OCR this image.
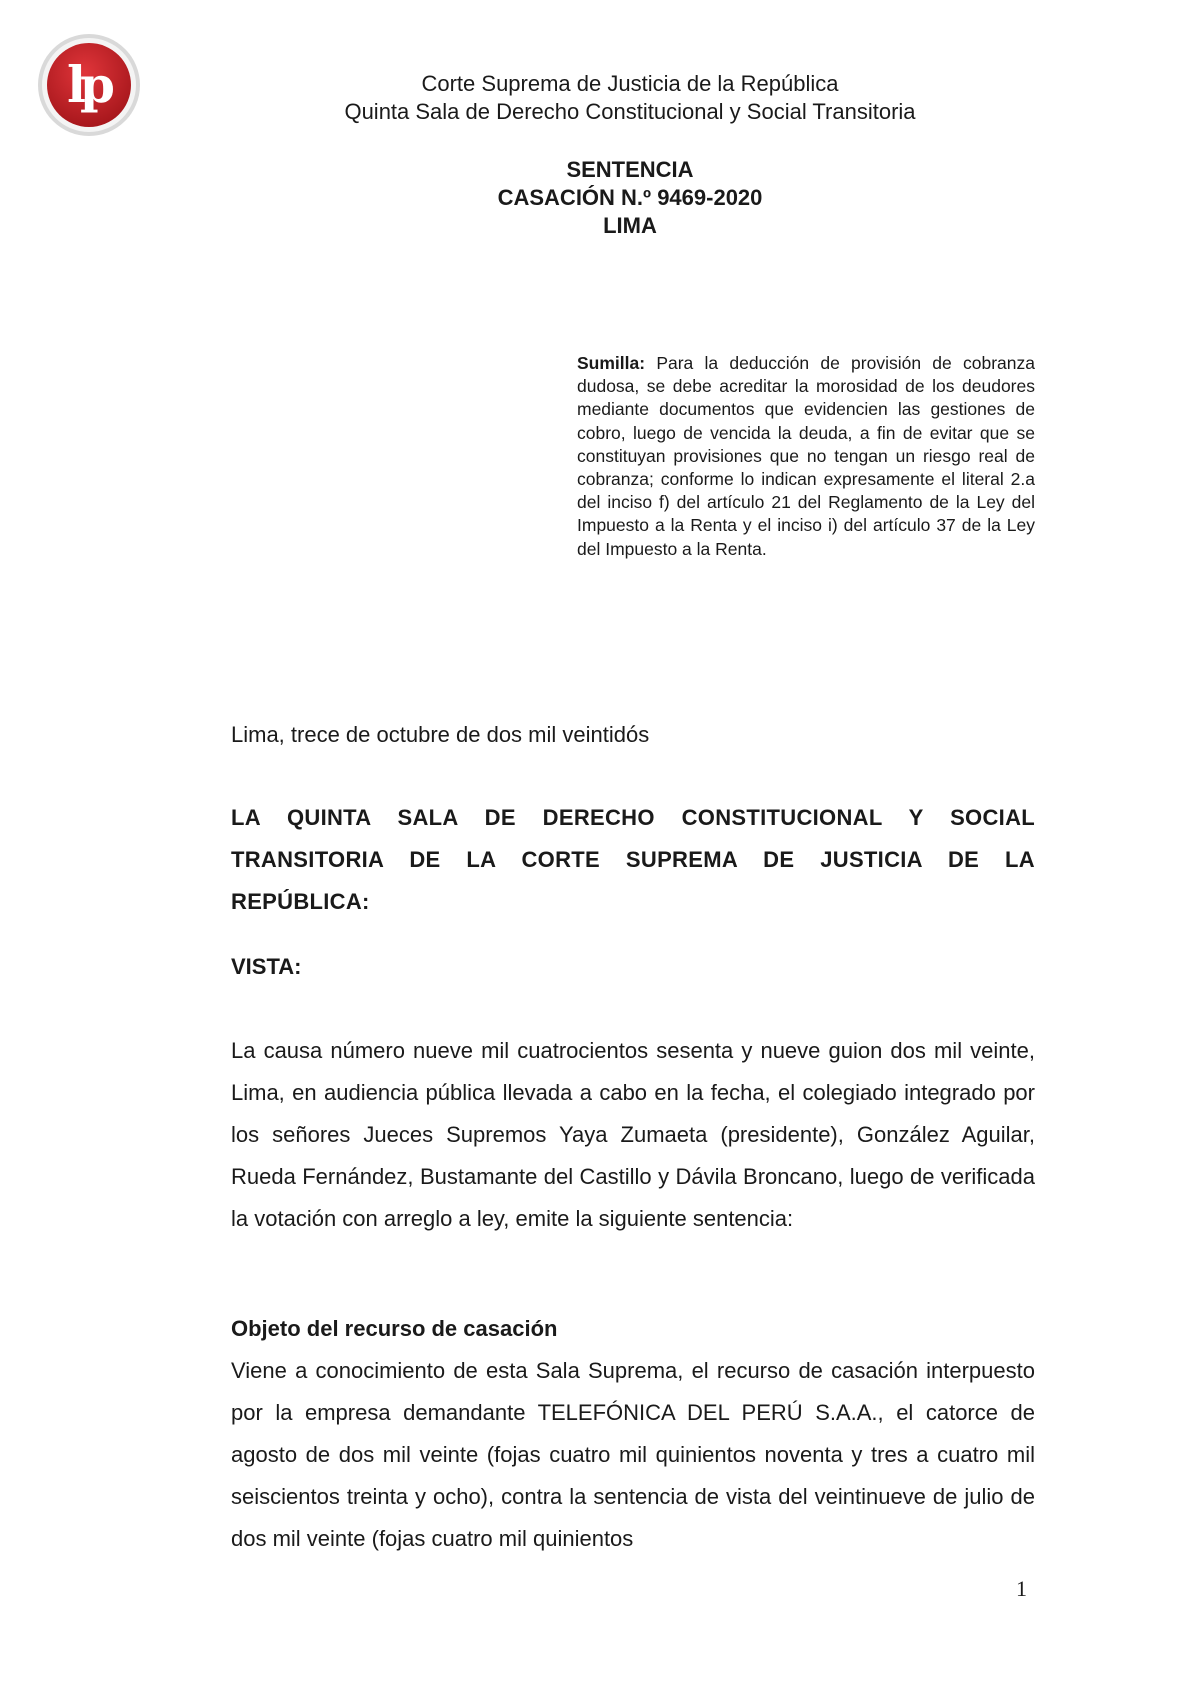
lp	Corte Suprema de Justicia de la República
Quinta Sala de Derecho Constitucional y Social Transitoria
SENTENCIA
CASACIÓN N.º 9469-2020
LIMA
Sumilla: Para la deducción de provisión de cobranza dudosa, se debe acreditar la morosidad de los deudores mediante documentos que evidencien las gestiones de cobro, luego de vencida la deuda, a fin de evitar que se constituyan provisiones que no tengan un riesgo real de cobranza; conforme lo indican expresamente el literal 2.a del inciso f) del artículo 21 del Reglamento de la Ley del Impuesto a la Renta y el inciso i) del artículo 37 de la Ley del Impuesto a la Renta.
Lima, trece de octubre de dos mil veintidós
LA QUINTA SALA DE DERECHO CONSTITUCIONAL Y SOCIAL
TRANSITORIA DE LA CORTE SUPREMA DE JUSTICIA DE LA
REPÚBLICA:
VISTA:
La causa número nueve mil cuatrocientos sesenta y nueve guion dos mil veinte, Lima, en audiencia pública llevada a cabo en la fecha, el colegiado integrado por los señores Jueces Supremos Yaya Zumaeta (presidente), González Aguilar, Rueda Fernández, Bustamante del Castillo y Dávila Broncano, luego de verificada la votación con arreglo a ley, emite la siguiente sentencia:
Objeto del recurso de casación
Viene a conocimiento de esta Sala Suprema, el recurso de casación interpuesto por la empresa demandante TELEFÓNICA DEL PERÚ S.A.A., el catorce de agosto de dos mil veinte (fojas cuatro mil quinientos noventa y tres a cuatro mil seiscientos treinta y ocho), contra la sentencia de vista del veintinueve de julio de dos mil veinte (fojas cuatro mil quinientos
1
